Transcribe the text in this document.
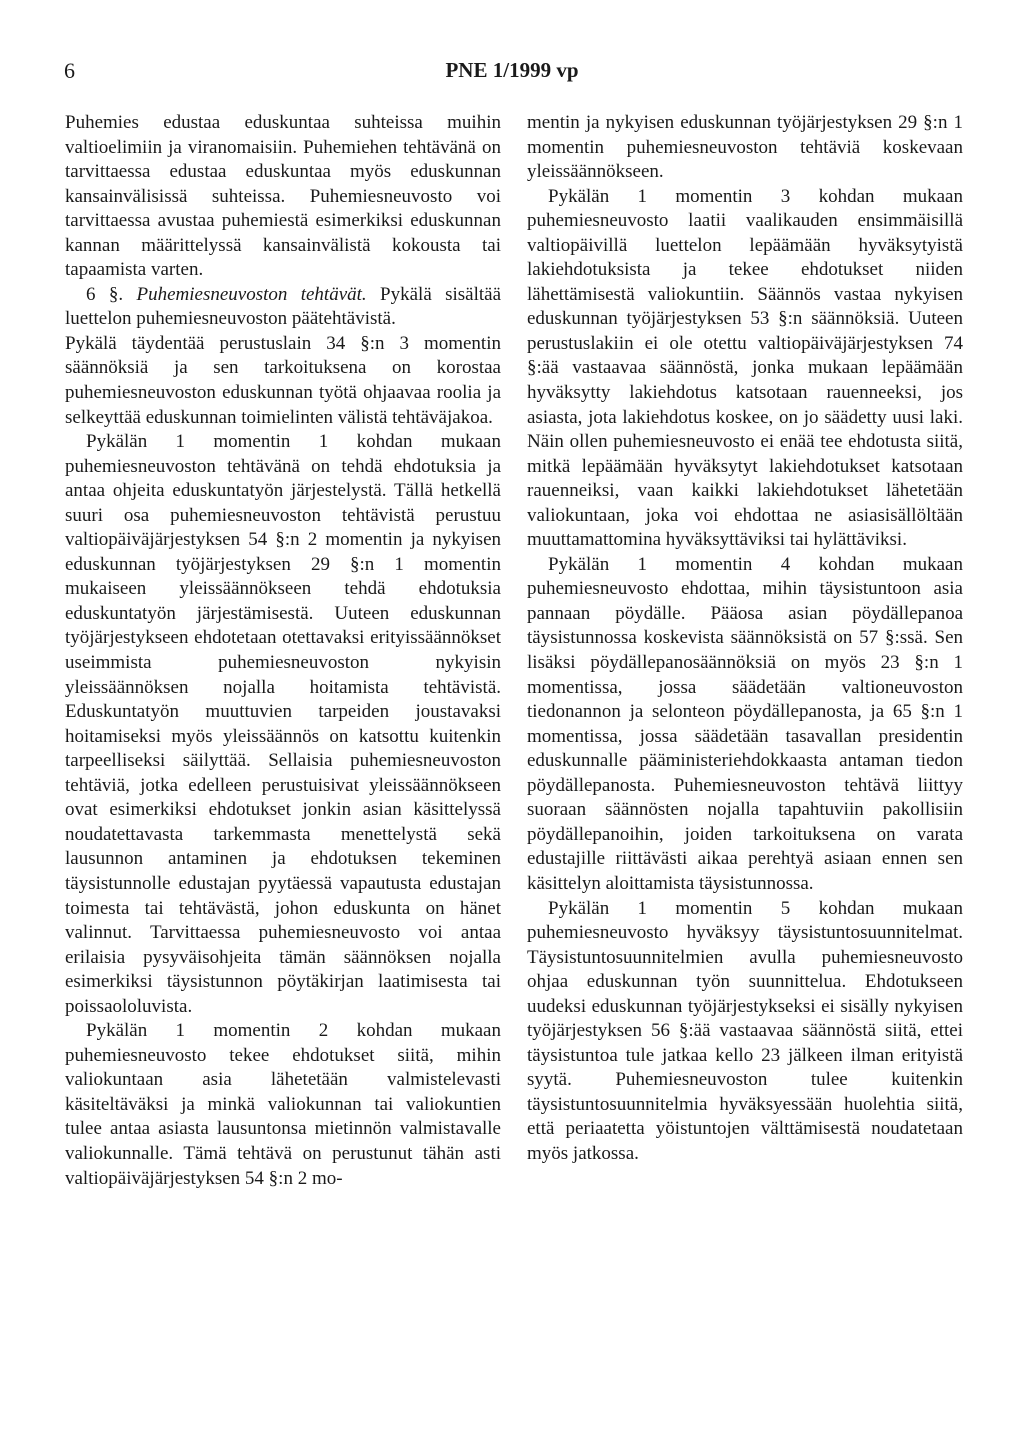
6	PNE 1/1999 vp

Puhemies edustaa eduskuntaa suhteissa muihin valtioelimiin ja viranomaisiin. Puhemiehen tehtävänä on tarvittaessa edustaa eduskuntaa myös eduskunnan kansainvälisissä suhteissa. Puhemiesneuvosto voi tarvittaessa avustaa puhemiestä esimerkiksi eduskunnan kannan määrittelyssä kansainvälistä kokousta tai tapaamista varten.

6 §. Puhemiesneuvoston tehtävät. Pykälä sisältää luettelon puhemiesneuvoston päätehtävistä.

Pykälä täydentää perustuslain 34 §:n 3 momentin säännöksiä ja sen tarkoituksena on korostaa puhemiesneuvoston eduskunnan työtä ohjaavaa roolia ja selkeyttää eduskunnan toimielinten välistä tehtäväjakoa.

Pykälän 1 momentin 1 kohdan mukaan puhemiesneuvoston tehtävänä on tehdä ehdotuksia ja antaa ohjeita eduskuntatyön järjestelystä. Tällä hetkellä suuri osa puhemiesneuvoston tehtävistä perustuu valtiopäiväjärjestyksen 54 §:n 2 momentin ja nykyisen eduskunnan työjärjestyksen 29 §:n 1 momentin mukaiseen yleissäännökseen tehdä ehdotuksia eduskuntatyön järjestämisestä. Uuteen eduskunnan työjärjestykseen ehdotetaan otettavaksi erityissäännökset useimmista puhemiesneuvoston nykyisin yleissäännöksen nojalla hoitamista tehtävistä. Eduskuntatyön muuttuvien tarpeiden joustavaksi hoitamiseksi myös yleissäännös on katsottu kuitenkin tarpeelliseksi säilyttää. Sellaisia puhemiesneuvoston tehtäviä, jotka edelleen perustuisivat yleissäännökseen ovat esimerkiksi ehdotukset jonkin asian käsittelyssä noudatettavasta tarkemmasta menettelystä sekä lausunnon antaminen ja ehdotuksen tekeminen täysistunnolle edustajan pyytäessä vapautusta edustajan toimesta tai tehtävästä, johon eduskunta on hänet valinnut. Tarvittaessa puhemiesneuvosto voi antaa erilaisia pysyväisohjeita tämän säännöksen nojalla esimerkiksi täysistunnon pöytäkirjan laatimisesta tai poissaololuvista.

Pykälän 1 momentin 2 kohdan mukaan puhemiesneuvosto tekee ehdotukset siitä, mihin valiokuntaan asia lähetetään valmistelevasti käsiteltäväksi ja minkä valiokunnan tai valiokuntien tulee antaa asiasta lausuntonsa mietinnön valmistavalle valiokunnalle. Tämä tehtävä on perustunut tähän asti valtiopäiväjärjestyksen 54 §:n 2 mo-

mentin ja nykyisen eduskunnan työjärjestyksen 29 §:n 1 momentin puhemiesneuvoston tehtäviä koskevaan yleissäännökseen.

Pykälän 1 momentin 3 kohdan mukaan puhemiesneuvosto laatii vaalikauden ensimmäisillä valtiopäivillä luettelon lepäämään hyväksytyistä lakiehdotuksista ja tekee ehdotukset niiden lähettämisestä valiokuntiin. Säännös vastaa nykyisen eduskunnan työjärjestyksen 53 §:n säännöksiä. Uuteen perustuslakiin ei ole otettu valtiopäiväjärjestyksen 74 §:ää vastaavaa säännöstä, jonka mukaan lepäämään hyväksytty lakiehdotus katsotaan rauenneeksi, jos asiasta, jota lakiehdotus koskee, on jo säädetty uusi laki. Näin ollen puhemiesneuvosto ei enää tee ehdotusta siitä, mitkä lepäämään hyväksytyt lakiehdotukset katsotaan rauenneiksi, vaan kaikki lakiehdotukset lähetetään valiokuntaan, joka voi ehdottaa ne asiasisällöltään muuttamattomina hyväksyttäviksi tai hylättäviksi.

Pykälän 1 momentin 4 kohdan mukaan puhemiesneuvosto ehdottaa, mihin täysistuntoon asia pannaan pöydälle. Pääosa asian pöydällepanoa täysistunnossa koskevista säännöksistä on 57 §:ssä. Sen lisäksi pöydällepanosäännöksiä on myös 23 §:n 1 momentissa, jossa säädetään valtioneuvoston tiedonannon ja selonteon pöydällepanosta, ja 65 §:n 1 momentissa, jossa säädetään tasavallan presidentin eduskunnalle pääministeriehdokkaasta antaman tiedon pöydällepanosta. Puhemiesneuvoston tehtävä liittyy suoraan säännösten nojalla tapahtuviin pakollisiin pöydällepanoihin, joiden tarkoituksena on varata edustajille riittävästi aikaa perehtyä asiaan ennen sen käsittelyn aloittamista täysistunnossa.

Pykälän 1 momentin 5 kohdan mukaan puhemiesneuvosto hyväksyy täysistuntosuunnitelmat. Täysistuntosuunnitelmien avulla puhemiesneuvosto ohjaa eduskunnan työn suunnittelua. Ehdotukseen uudeksi eduskunnan työjärjestykseksi ei sisälly nykyisen työjärjestyksen 56 §:ää vastaavaa säännöstä siitä, ettei täysistuntoa tule jatkaa kello 23 jälkeen ilman erityistä syytä. Puhemiesneuvoston tulee kuitenkin täysistuntosuunnitelmia hyväksyessään huolehtia siitä, että periaatetta yöistuntojen välttämisestä noudatetaan myös jatkossa.
